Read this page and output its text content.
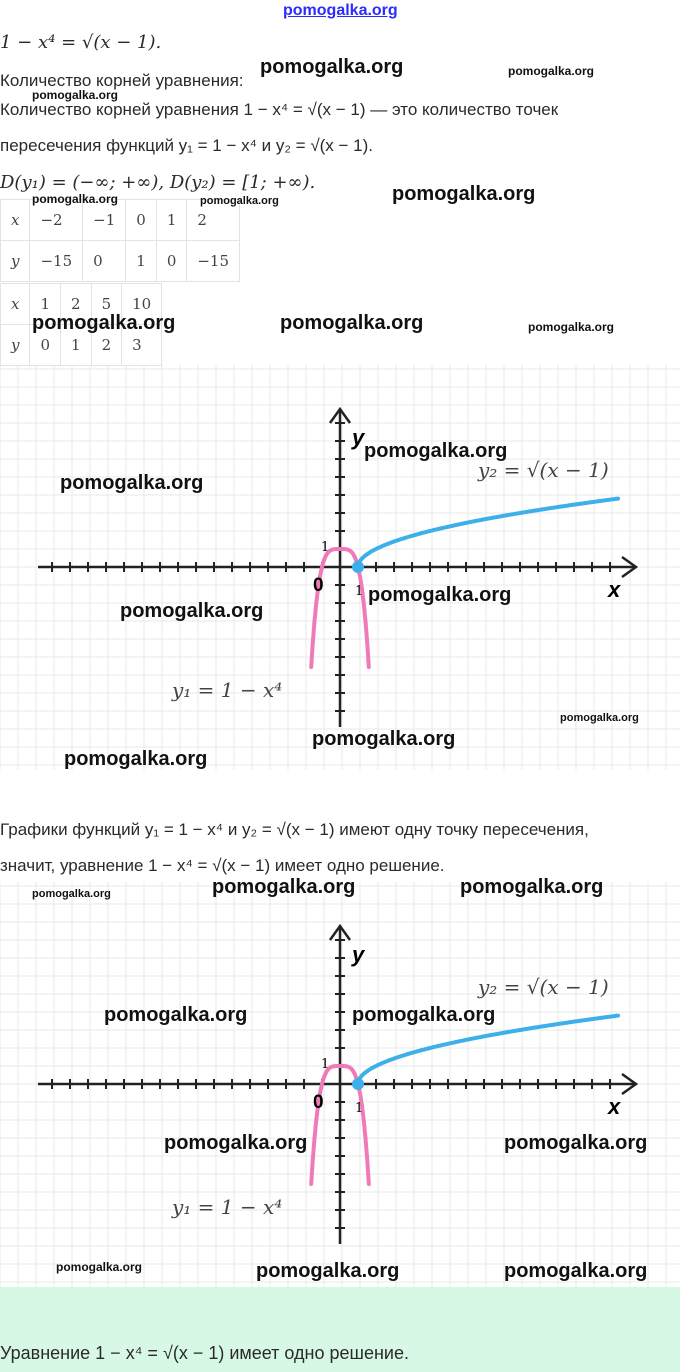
pomogalka.org
1 − x⁴ = √(x − 1).
Количество корней уравнения:
Количество корней уравнения 1 − x⁴ = √(x − 1) — это количество точек
пересечения функций y₁ = 1 − x⁴ и y₂ = √(x − 1).
D(y₁) = (−∞; +∞), D(y₂) = [1; +∞).
x	−2	−1	0	1	2
y	−15	0	1	0	−15
x	1	2	5	10
y	0	1	2	3
x
y
0 1
1
y₂ = √(x − 1)
y₁ = 1 − x⁴
Графики функций y₁ = 1 − x⁴ и y₂ = √(x − 1) имеют одну точку пересечения,
значит, уравнение 1 − x⁴ = √(x − 1) имеет одно решение.
x
y
0 1
1
y₂ = √(x − 1)
y₁ = 1 − x⁴
Уравнение 1 − x⁴ = √(x − 1) имеет одно решение.
pomogalka.org	pomogalka.org
pomogalka.org
pomogalka.org	pomogalka.org	pomogalka.org
pomogalka.org	pomogalka.org	pomogalka.org
pomogalka.org
pomogalka.org
pomogalka.org
pomogalka.org
pomogalka.org
pomogalka.org
pomogalka.org
pomogalka.org	pomogalka.org	pomogalka.org
pomogalka.org	pomogalka.org
pomogalka.org	pomogalka.org
pomogalka.org	pomogalka.org	pomogalka.org
